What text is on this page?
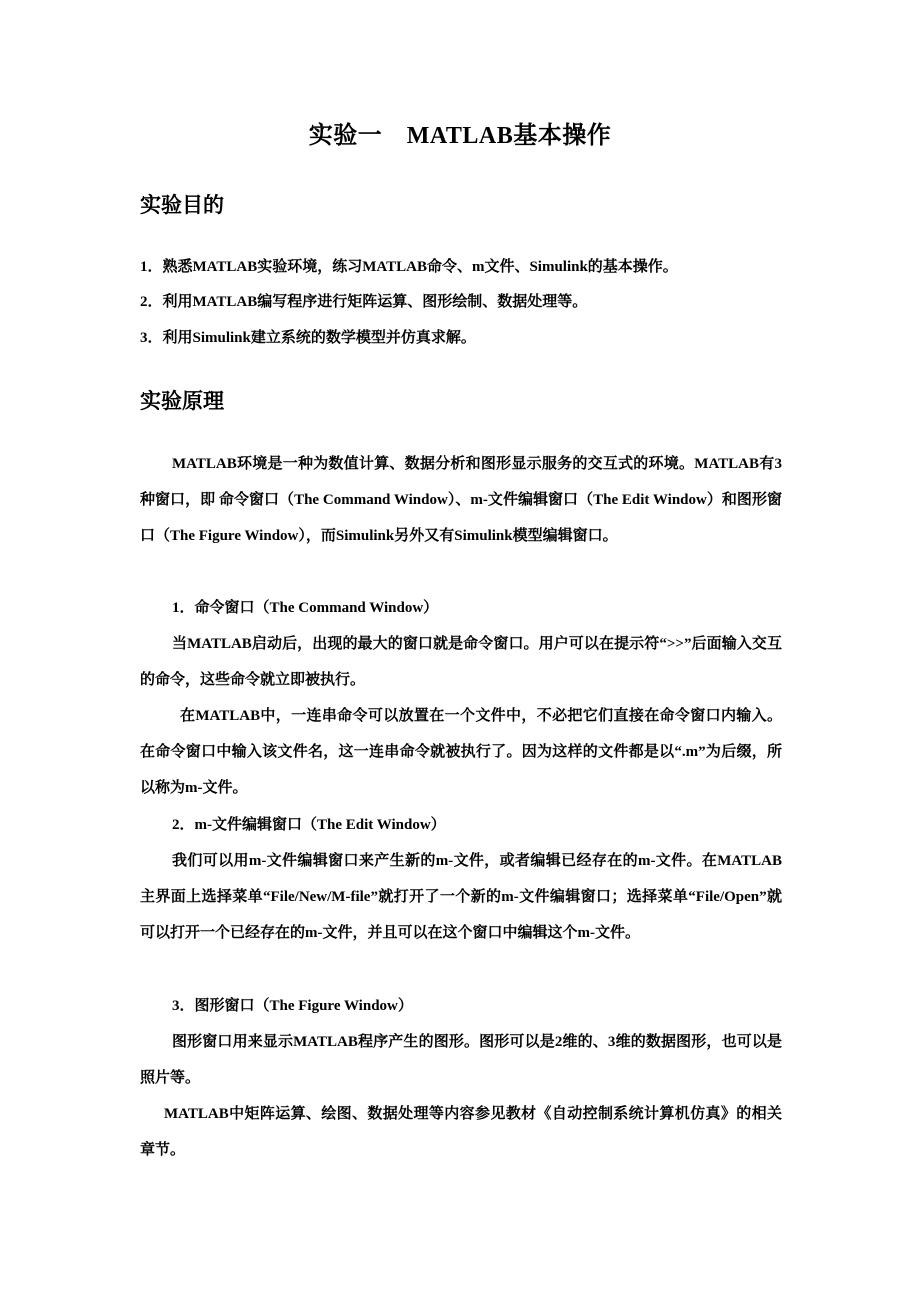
实验一　MATLAB基本操作
实验目的
1．熟悉MATLAB实验环境，练习MATLAB命令、m文件、Simulink的基本操作。
2．利用MATLAB编写程序进行矩阵运算、图形绘制、数据处理等。
3．利用Simulink建立系统的数学模型并仿真求解。
实验原理
MATLAB环境是一种为数值计算、数据分析和图形显示服务的交互式的环境。MATLAB有3种窗口，即 命令窗口（The Command Window）、m-文件编辑窗口（The Edit Window）和图形窗口（The Figure Window），而Simulink另外又有Simulink模型编辑窗口。
1．命令窗口（The Command Window）
当MATLAB启动后，出现的最大的窗口就是命令窗口。用户可以在提示符“>>”后面输入交互的命令，这些命令就立即被执行。
在MATLAB中，一连串命令可以放置在一个文件中，不必把它们直接在命令窗口内输入。在命令窗口中输入该文件名，这一连串命令就被执行了。因为这样的文件都是以“.m”为后缀，所以称为m-文件。
2．m-文件编辑窗口（The Edit Window）
我们可以用m-文件编辑窗口来产生新的m-文件，或者编辑已经存在的m-文件。在MATLAB主界面上选择菜单“File/New/M-file”就打开了一个新的m-文件编辑窗口；选择菜单“File/Open”就可以打开一个已经存在的m-文件，并且可以在这个窗口中编辑这个m-文件。
3．图形窗口（The Figure Window）
图形窗口用来显示MATLAB程序产生的图形。图形可以是2维的、3维的数据图形，也可以是照片等。
MATLAB中矩阵运算、绘图、数据处理等内容参见教材《自动控制系统计算机仿真》的相关章节。
